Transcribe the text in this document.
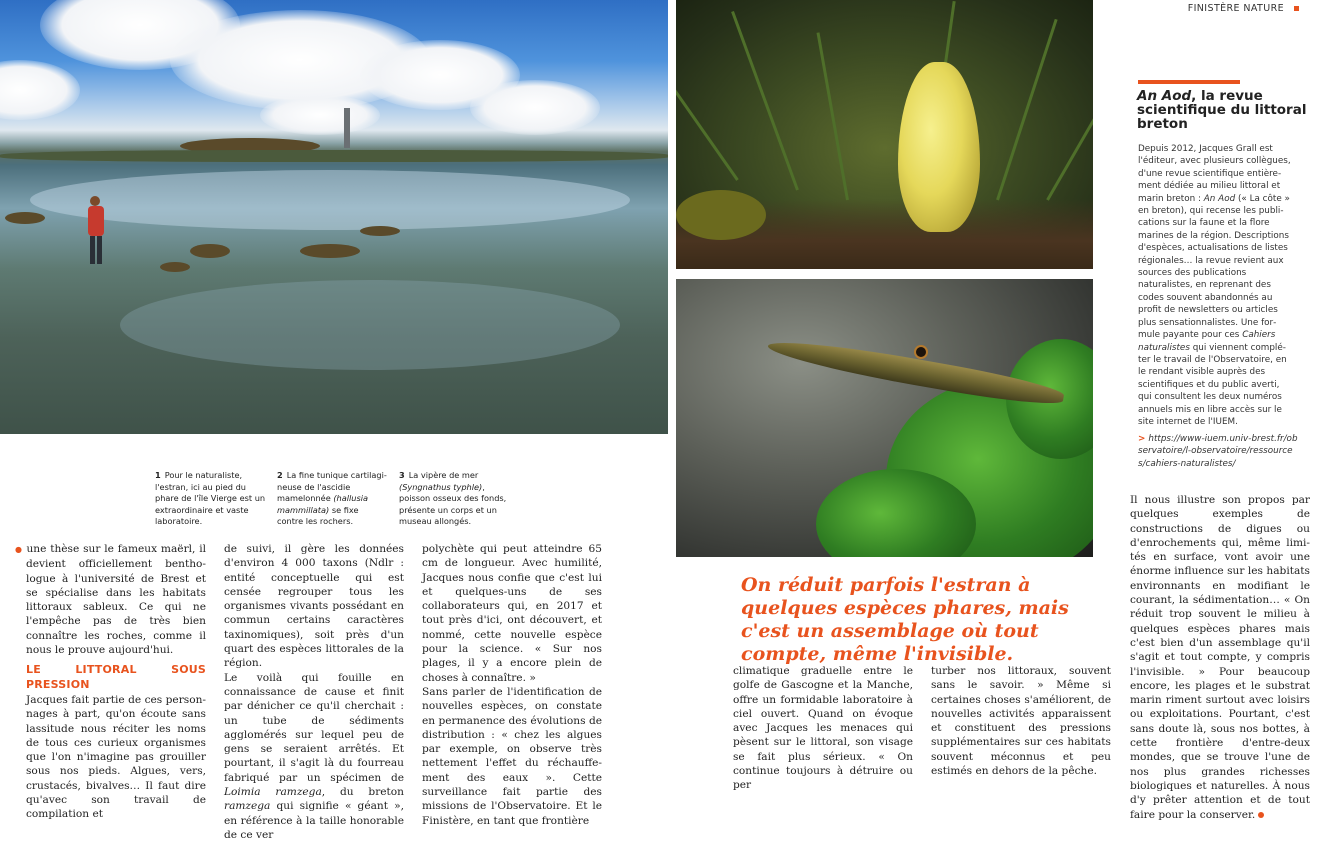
FINISTÈRE NATURE
1 Pour le naturaliste, l'estran, ici au pied du phare de l'île Vierge est un extraordinaire et vaste laboratoire.
2 La fine tunique cartilagineuse de l'ascidie mamelonnée (hallusia mammillata) se fixe contre les rochers.
3 La vipère de mer (Syngnathus typhle), poisson osseux des fonds, présente un corps et un museau allongés.
An Aod, la revue scientifique du littoral breton
Depuis 2012, Jacques Grall est l'éditeur, avec plusieurs collègues, d'une revue scientifique entièrement dédiée au milieu littoral et marin breton : An Aod (« La côte » en breton), qui recense les publications sur la faune et la flore marines de la région. Descriptions d'espèces, actualisations de listes régionales… la revue revient aux sources des publications naturalistes, en reprenant des codes souvent abandonnés au profit de newsletters ou articles plus sensationnalistes. Une formule payante pour ces Cahiers naturalistes qui viennent compléter le travail de l'Observatoire, en le rendant visible auprès des scientifiques et du public averti, qui consultent les deux numéros annuels mis en libre accès sur le site internet de l'IUEM.
> https://www-iuem.univ-brest.fr/observatoire/l-observatoire/ressources/cahiers-naturalistes/

● une thèse sur le fameux maërl, il devient officiellement benthologue à l'université de Brest et se spécialise dans les habitats littoraux sableux. Ce qui ne l'empêche pas de très bien connaître les roches, comme il nous le prouve aujourd'hui.

LE LITTORAL SOUS PRESSION

Jacques fait partie de ces personnages à part, qu'on écoute sans lassitude nous réciter les noms de tous ces curieux organismes que l'on n'imagine pas grouiller sous nos pieds. Algues, vers, crustacés, bivalves… Il faut dire qu'avec son travail de compilation et

de suivi, il gère les données d'environ 4 000 taxons (Ndlr : entité conceptuelle qui est censée regrouper tous les organismes vivants possédant en commun certains caractères taxinomiques), soit près d'un quart des espèces littorales de la région.

Le voilà qui fouille en connaissance de cause et finit par dénicher ce qu'il cherchait : un tube de sédiments agglomérés sur lequel peu de gens se seraient arrêtés. Et pourtant, il s'agit là du fourreau fabriqué par un spécimen de Loimia ramzega, du breton ramzega qui signifie « géant », en référence à la taille honorable de ce ver

polychète qui peut atteindre 65 cm de longueur. Avec humilité, Jacques nous confie que c'est lui et quelques-uns de ses collaborateurs qui, en 2017 et tout près d'ici, ont découvert, et nommé, cette nouvelle espèce pour la science. « Sur nos plages, il y a encore plein de choses à connaître. »

Sans parler de l'identification de nouvelles espèces, on constate en permanence des évolutions de distribution : « chez les algues par exemple, on observe très nettement l'effet du réchauffement des eaux ». Cette surveillance fait partie des missions de l'Observatoire. Et le Finistère, en tant que frontière

On réduit parfois l'estran à quelques espèces phares, mais c'est un assemblage où tout compte, même l'invisible.

climatique graduelle entre le golfe de Gascogne et la Manche, offre un formidable laboratoire à ciel ouvert. Quand on évoque avec Jacques les menaces qui pèsent sur le littoral, son visage se fait plus sérieux. « On continue toujours à détruire ou per

turber nos littoraux, souvent sans le savoir. » Même si certaines choses s'améliorent, de nouvelles activités apparaissent et constituent des pressions supplémentaires sur ces habitats souvent méconnus et peu estimés en dehors de la pêche.

Il nous illustre son propos par quelques exemples de constructions de digues ou d'enrochements qui, même limités en surface, vont avoir une énorme influence sur les habitats environnants en modifiant le courant, la sédimentation… « On réduit trop souvent le milieu à quelques espèces phares mais c'est bien d'un assemblage qu'il s'agit et tout compte, y compris l'invisible. » Pour beaucoup encore, les plages et le substrat marin riment surtout avec loisirs ou exploitations. Pourtant, c'est sans doute là, sous nos bottes, à cette frontière d'entre-deux mondes, que se trouve l'une de nos plus grandes richesses biologiques et naturelles. À nous d'y prêter attention et de tout faire pour la conserver.
